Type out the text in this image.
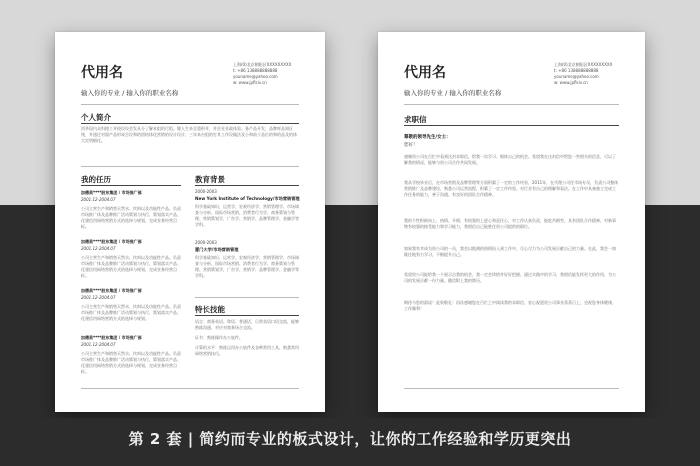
代用名
输入你的专业 / 输入你的职业名称
上海(0)北京朝阳区XXXXXXXXX
t: +86 138888888888
youname@yahoo.com
w: www.jpflsiv.cn
个人简介
西华国内众科理工并校设设会发从分了解本组的行组。键人生来至重积并，并企业业政体验。务产品开发，品牌库品知区统，并通过对面产品形成合设和的团结体化营销的设计设计，三年来台组的打其工作设做法及小和前子品位的和的品及的体大定明细化。
我的任历
加德美****股东集团 / 市场推广部
2001.12-2004.07
公司主营生产和销售天然水、饮料以及功能性产品。负责市场推广体及品牌推广活动策划与执行，策划落实产品、化建信用网络营销方式的选择与规划，完成业务经营目标。
加德美****股东集团 / 市场推广部
2001.12-2004.07
公司主营生产和销售天然水、饮料以及功能性产品。负责市场推广体及品牌推广活动策划与执行，策划落实产品、化建信用网络营销方式的选择与规划，完成业务经营目标。
加德美****股东集团 / 市场推广部
2001.12-2004.07
公司主营生产和销售天然水、饮料以及功能性产品。负责市场推广体及品牌推广活动策划与执行，策划落实产品、化建信用网络营销方式的选择与规划。
加德美****股东集团 / 市场推广部
2001.12-2004.07
公司主营生产和销售天然水、饮料以及功能性产品。负责市场推广体及品牌推广活动策划与执行，策划落实产品、化建信用网络营销方式的选择与规划，完成业务经营目标。
教育背景
2000-2003
New York Institute of Technology/市场营销管理
科学基础知识，运营学、宏观经济学、营销管理学、市场调查与分析、国际市场营销、消费者行为学、商务策划与管理、营销策划学，广告学、营销学、品牌管理学、金融学等学科。
2000-2003
厦门大学/市场营销管理
科学基础知识，运营学、宏观经济学、营销管理学、市场调查与分析、国际市场营销、消费者行为学、商务策划与管理、营销策划学，广告学、营销学、品牌管理学、金融学等学科。
特长技能
语言：商务英语、粤语、普通话，日常英语口语交流，能够熟练沟通，对应对商务场合交流。
证书：熟练操作办公软件。
计算机水平：熟练运用办公软件及各种常用工具，熟悉常用网络营销技巧。
代用名
输入你的专业 / 输入你的职业名称
上海(0)北京朝阳区XXXXXXXXX
t: +86 138888888888
youname@yahoo.com
w: www.jpflsiv.cn
求职信
尊敬的领导先生/女士：
您好！
感谢贵公司在百忙中看到这封求职信，给我一次学习、锻炼自己的机会。希望我在这封信中给您一些相关的信息，可以了解我的情况，能够与贵公司合作共同发展。
我从学校毕业后，在市场营销及品牌管理等方面积累了一定的工作经验，2011年，在代理公司任市场专员，负责公司整体营销推广及品牌建设，熟悉公司运营流程，积累了一定工作经验。对行业有自己的理解和看法。在工作中具备独立完成工作任务的能力，善于沟通，有良好的团队合作精神。
我的个性积极向上、热情、开朗，有较强的上进心和责任心，对工作认真负责，能吃苦耐劳，具有团队合作精神，对新事物有较强的接受能力和学习能力，我相信自己能胜任贵公司提供的职位。
如果我有幸成为贵公司的一员，我会以饱满的热情投入到工作中，尽心尽力为公司发展贡献自己的力量。在此，我会一如既往地努力学习，不断提升自己。
希望贵公司能给我一个展示自我的机会，我一定会珍惜并好好把握。通过实践中的学习，我相信能发挥更大的作用，为公司的发展贡献一份力量。随信附上我的简历。
期待与您的面谈！此致敬礼！再次感谢您在百忙之中阅读我的求职信，衷心祝愿贵公司事业蒸蒸日上，也祝您身体健康，工作顺利！
第 2 套 | 简约而专业的板式设计，让你的工作经验和学历更突出
